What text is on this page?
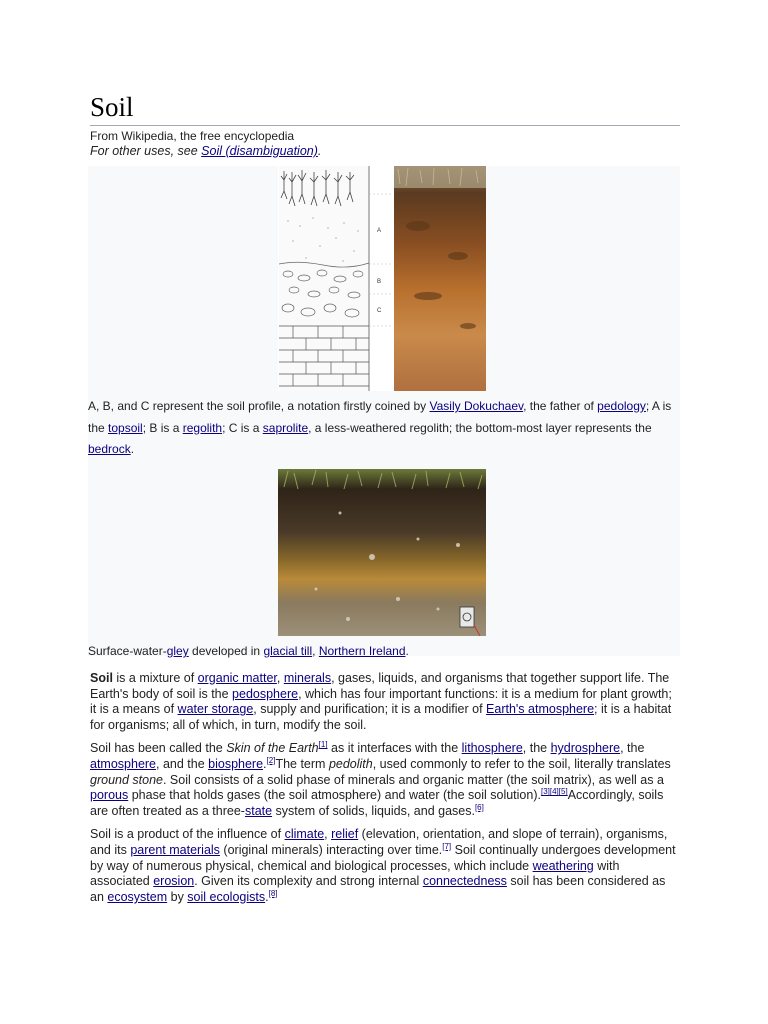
Soil
From Wikipedia, the free encyclopedia
For other uses, see Soil (disambiguation).
A
B
C
A, B, and C represent the soil profile, a notation firstly coined by Vasily Dokuchaev, the father of pedology; A is the topsoil; B is a regolith; C is a saprolite, a less-weathered regolith; the bottom-most layer represents the bedrock.
Surface-water-gley developed in glacial till, Northern Ireland.

Soil is a mixture of organic matter, minerals, gases, liquids, and organisms that together support life. The Earth's body of soil is the pedosphere, which has four important functions: it is a medium for plant growth; it is a means of water storage, supply and purification; it is a modifier of Earth's atmosphere; it is a habitat for organisms; all of which, in turn, modify the soil.

Soil has been called the Skin of the Earth[1] as it interfaces with the lithosphere, the hydrosphere, the atmosphere, and the biosphere.[2]The term pedolith, used commonly to refer to the soil, literally translates ground stone. Soil consists of a solid phase of minerals and organic matter (the soil matrix), as well as a porous phase that holds gases (the soil atmosphere) and water (the soil solution).[3][4][5]Accordingly, soils are often treated as a three-state system of solids, liquids, and gases.[6]

Soil is a product of the influence of climate, relief (elevation, orientation, and slope of terrain), organisms, and its parent materials (original minerals) interacting over time.[7] Soil continually undergoes development by way of numerous physical, chemical and biological processes, which include weathering with associated erosion. Given its complexity and strong internal connectedness soil has been considered as an ecosystem by soil ecologists.[8]
